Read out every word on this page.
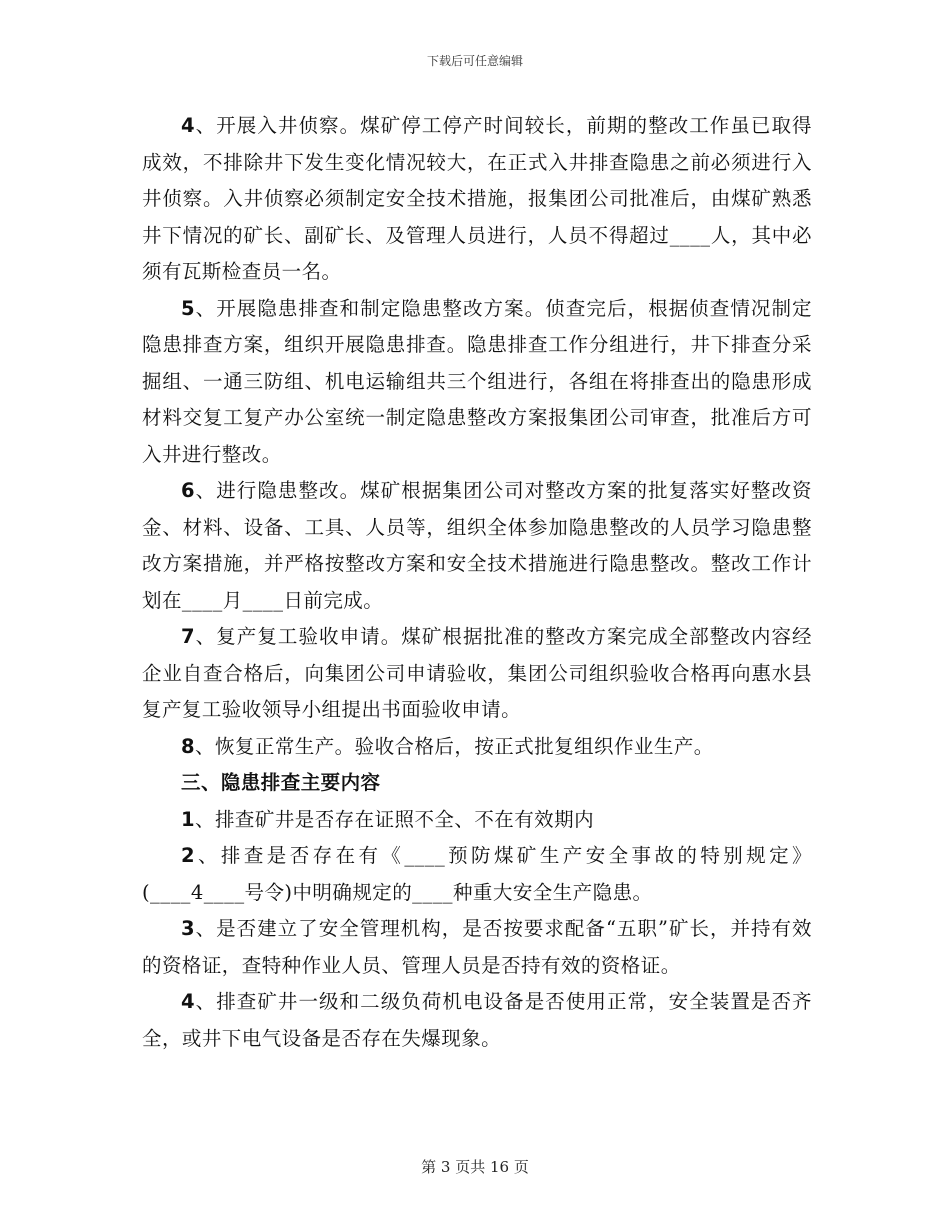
下载后可任意编辑

4、开展入井侦察。煤矿停工停产时间较长，前期的整改工作虽已取得成效，不排除井下发生变化情况较大，在正式入井排查隐患之前必须进行入井侦察。入井侦察必须制定安全技术措施，报集团公司批准后，由煤矿熟悉井下情况的矿长、副矿长、及管理人员进行，人员不得超过____人，其中必须有瓦斯检查员一名。

5、开展隐患排查和制定隐患整改方案。侦查完后，根据侦查情况制定隐患排查方案，组织开展隐患排查。隐患排查工作分组进行，井下排查分采掘组、一通三防组、机电运输组共三个组进行，各组在将排查出的隐患形成材料交复工复产办公室统一制定隐患整改方案报集团公司审查，批准后方可入井进行整改。

6、进行隐患整改。煤矿根据集团公司对整改方案的批复落实好整改资金、材料、设备、工具、人员等，组织全体参加隐患整改的人员学习隐患整改方案措施，并严格按整改方案和安全技术措施进行隐患整改。整改工作计划在____月____日前完成。

7、复产复工验收申请。煤矿根据批准的整改方案完成全部整改内容经企业自查合格后，向集团公司申请验收，集团公司组织验收合格再向惠水县复产复工验收领导小组提出书面验收申请。

8、恢复正常生产。验收合格后，按正式批复组织作业生产。

三、隐患排查主要内容

1、排查矿井是否存在证照不全、不在有效期内

2、排查是否存在有《____预防煤矿生产安全事故的特别规定》(____4____号令)中明确规定的____种重大安全生产隐患。

3、是否建立了安全管理机构，是否按要求配备“五职”矿长，并持有效的资格证，查特种作业人员、管理人员是否持有效的资格证。

4、排查矿井一级和二级负荷机电设备是否使用正常，安全装置是否齐全，或井下电气设备是否存在失爆现象。

第 3 页共 16 页
